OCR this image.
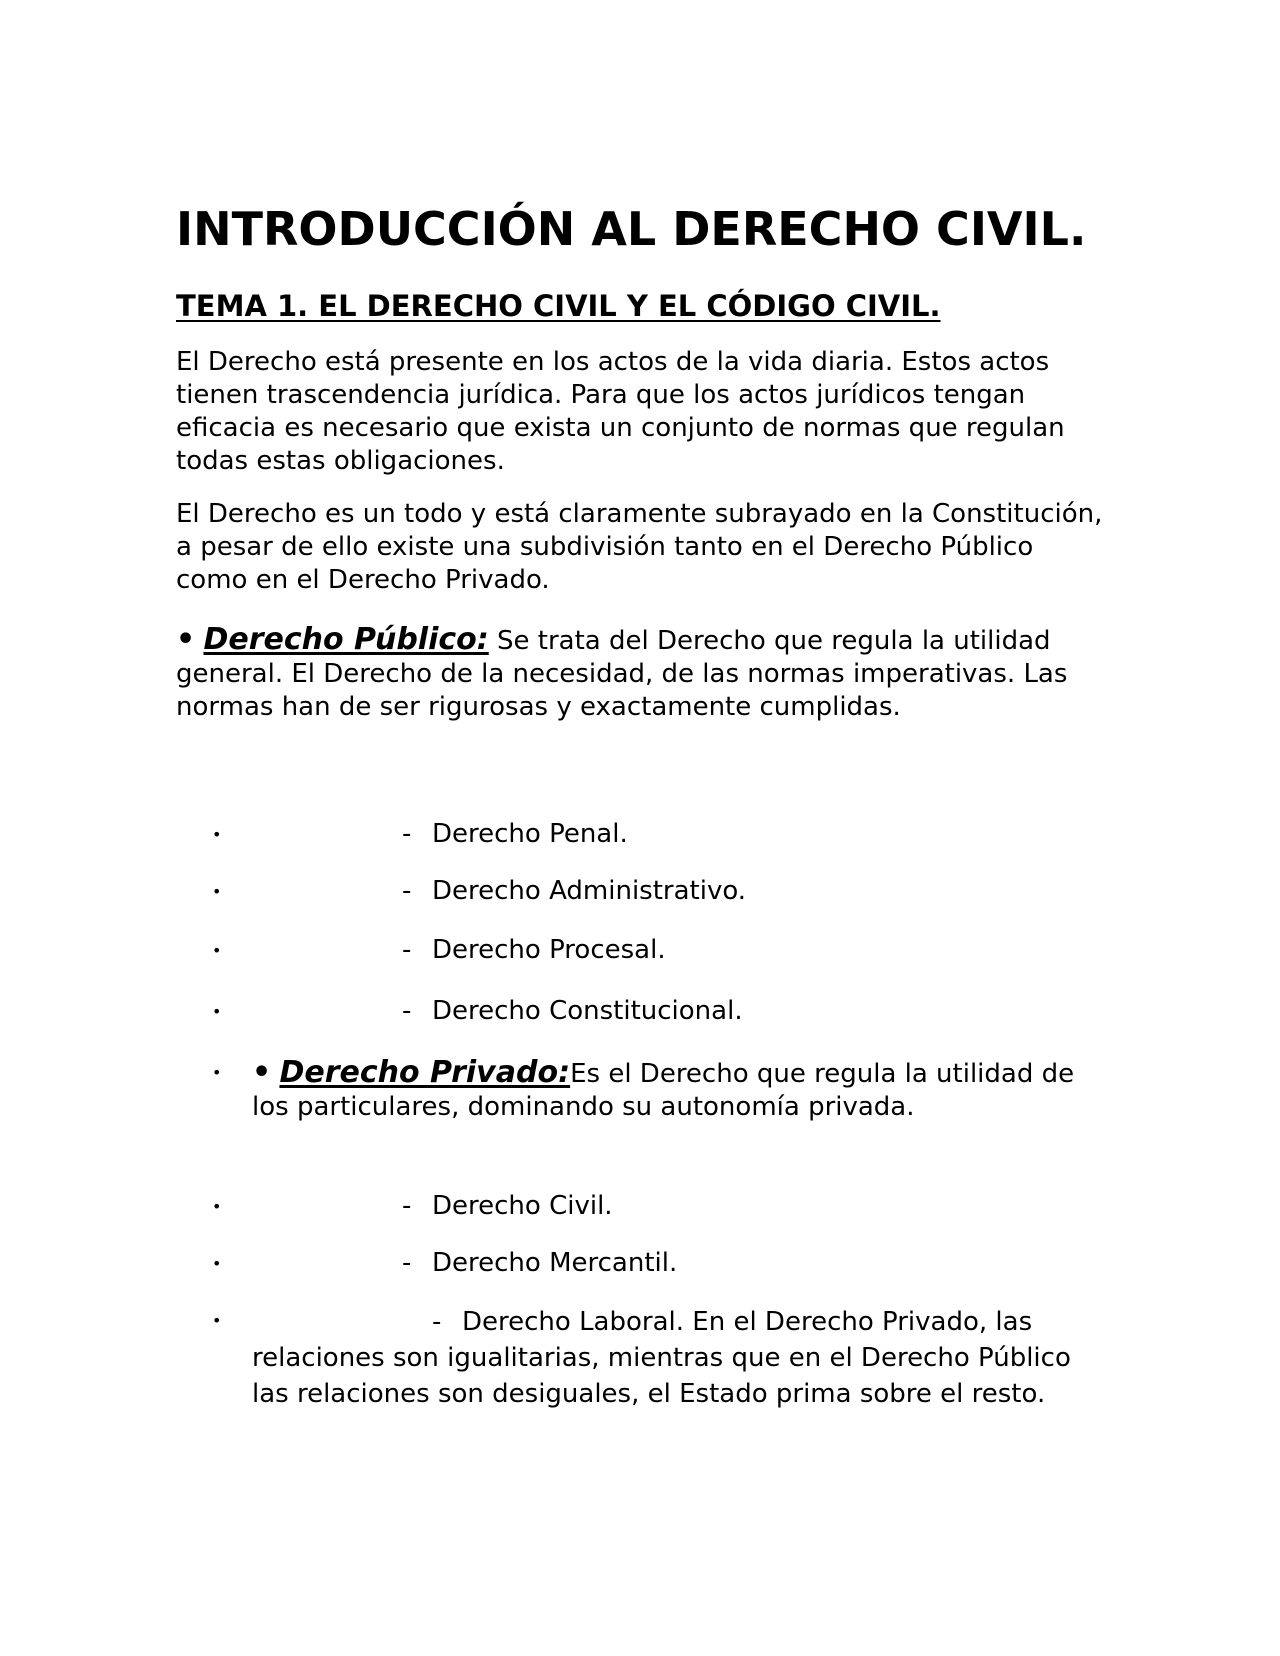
INTRODUCCIÓN AL DERECHO CIVIL.
TEMA 1. EL DERECHO CIVIL Y EL CÓDIGO CIVIL.

El Derecho está presente en los actos de la vida diaria. Estos actos tienen trascendencia jurídica. Para que los actos jurídicos tengan eficacia es necesario que exista un conjunto de normas que regulan todas estas obligaciones.

El Derecho es un todo y está claramente subrayado en la Constitución, a pesar de ello existe una subdivisión tanto en el Derecho Público como en el Derecho Privado.

• Derecho Público: Se trata del Derecho que regula la utilidad general. El Derecho de la necesidad, de las normas imperativas. Las normas han de ser rigurosas y exactamente cumplidas.

•	- Derecho Penal.
•	- Derecho Administrativo.
•	- Derecho Procesal.
•	- Derecho Constitucional.
• • Derecho Privado:Es el Derecho que regula la utilidad de los particulares, dominando su autonomía privada.
•	- Derecho Civil.
•	- Derecho Mercantil.
•	- Derecho Laboral. En el Derecho Privado, las relaciones son igualitarias, mientras que en el Derecho Público las relaciones son desiguales, el Estado prima sobre el resto.
